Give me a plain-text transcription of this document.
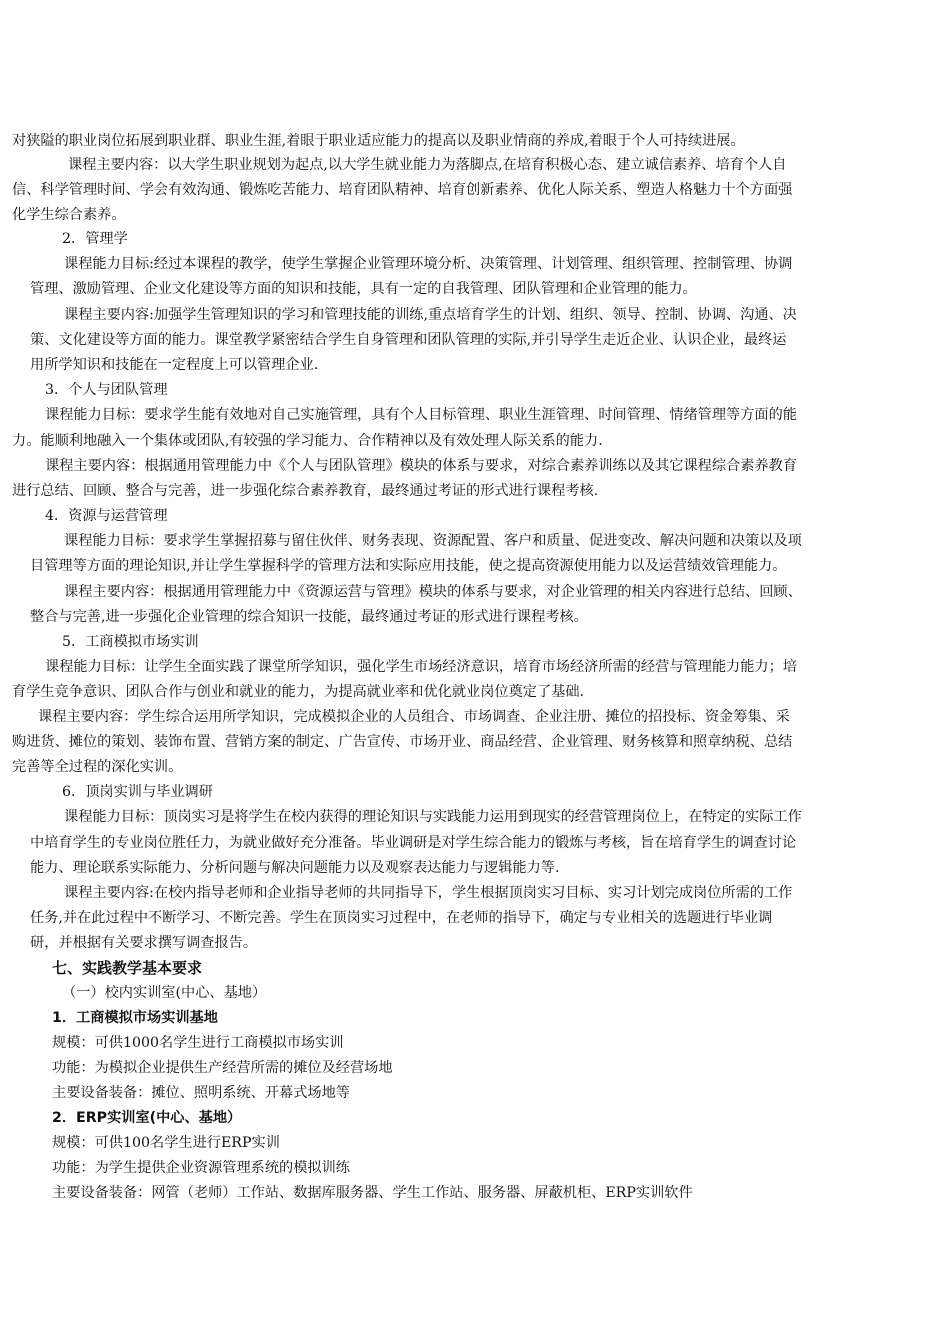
对狭隘的职业岗位拓展到职业群、职业生涯,着眼于职业适应能力的提高以及职业情商的养成,着眼于个人可持续进展。
课程主要内容：以大学生职业规划为起点,以大学生就业能力为落脚点,在培育积极心态、建立诚信素养、培育个人自
信、科学管理时间、学会有效沟通、锻炼吃苦能力、培育团队精神、培育创新素养、优化人际关系、塑造人格魅力十个方面强
化学生综合素养。
2．管理学
课程能力目标:经过本课程的教学，使学生掌握企业管理环境分析、决策管理、计划管理、组织管理、控制管理、协调
管理、激励管理、企业文化建设等方面的知识和技能，具有一定的自我管理、团队管理和企业管理的能力。
课程主要内容:加强学生管理知识的学习和管理技能的训练,重点培育学生的计划、组织、领导、控制、协调、沟通、决
策、文化建设等方面的能力。课堂教学紧密结合学生自身管理和团队管理的实际,并引导学生走近企业、认识企业，最终运
用所学知识和技能在一定程度上可以管理企业.
3．个人与团队管理
课程能力目标：要求学生能有效地对自己实施管理，具有个人目标管理、职业生涯管理、时间管理、情绪管理等方面的能
力。能顺利地融入一个集体或团队,有较强的学习能力、合作精神以及有效处理人际关系的能力.
课程主要内容：根据通用管理能力中《个人与团队管理》模块的体系与要求，对综合素养训练以及其它课程综合素养教育
进行总结、回顾、整合与完善，进一步强化综合素养教育，最终通过考证的形式进行课程考核.
4．资源与运营管理
课程能力目标：要求学生掌握招募与留住伙伴、财务表现、资源配置、客户和质量、促进变改、解决问题和决策以及项
目管理等方面的理论知识,并让学生掌握科学的管理方法和实际应用技能，使之提高资源使用能力以及运营绩效管理能力。
课程主要内容：根据通用管理能力中《资源运营与管理》模块的体系与要求，对企业管理的相关内容进行总结、回顾、
整合与完善,进一步强化企业管理的综合知识一技能，最终通过考证的形式进行课程考核。
5．工商模拟市场实训
课程能力目标：让学生全面实践了课堂所学知识，强化学生市场经济意识，培育市场经济所需的经营与管理能力能力；培
育学生竞争意识、团队合作与创业和就业的能力，为提高就业率和优化就业岗位奠定了基础.
课程主要内容：学生综合运用所学知识，完成模拟企业的人员组合、市场调查、企业注册、摊位的招投标、资金筹集、采
购进货、摊位的策划、装饰布置、营销方案的制定、广告宣传、市场开业、商品经营、企业管理、财务核算和照章纳税、总结
完善等全过程的深化实训。
6．顶岗实训与毕业调研
课程能力目标：顶岗实习是将学生在校内获得的理论知识与实践能力运用到现实的经营管理岗位上，在特定的实际工作
中培育学生的专业岗位胜任力，为就业做好充分准备。毕业调研是对学生综合能力的锻炼与考核，旨在培育学生的调查讨论
能力、理论联系实际能力、分析问题与解决问题能力以及观察表达能力与逻辑能力等.
课程主要内容:在校内指导老师和企业指导老师的共同指导下，学生根据顶岗实习目标、实习计划完成岗位所需的工作
任务,并在此过程中不断学习、不断完善。学生在顶岗实习过程中，在老师的指导下，确定与专业相关的选题进行毕业调
研，并根据有关要求撰写调查报告。
七、实践教学基本要求
（一）校内实训室(中心、基地）
1．工商模拟市场实训基地
规模：可供1000名学生进行工商模拟市场实训
功能：为模拟企业提供生产经营所需的摊位及经营场地
主要设备装备：摊位、照明系统、开幕式场地等
2．ERP实训室(中心、基地）
规模：可供100名学生进行ERP实训
功能：为学生提供企业资源管理系统的模拟训练
主要设备装备：网管（老师）工作站、数据库服务器、学生工作站、服务器、屏蔽机柜、ERP实训软件
